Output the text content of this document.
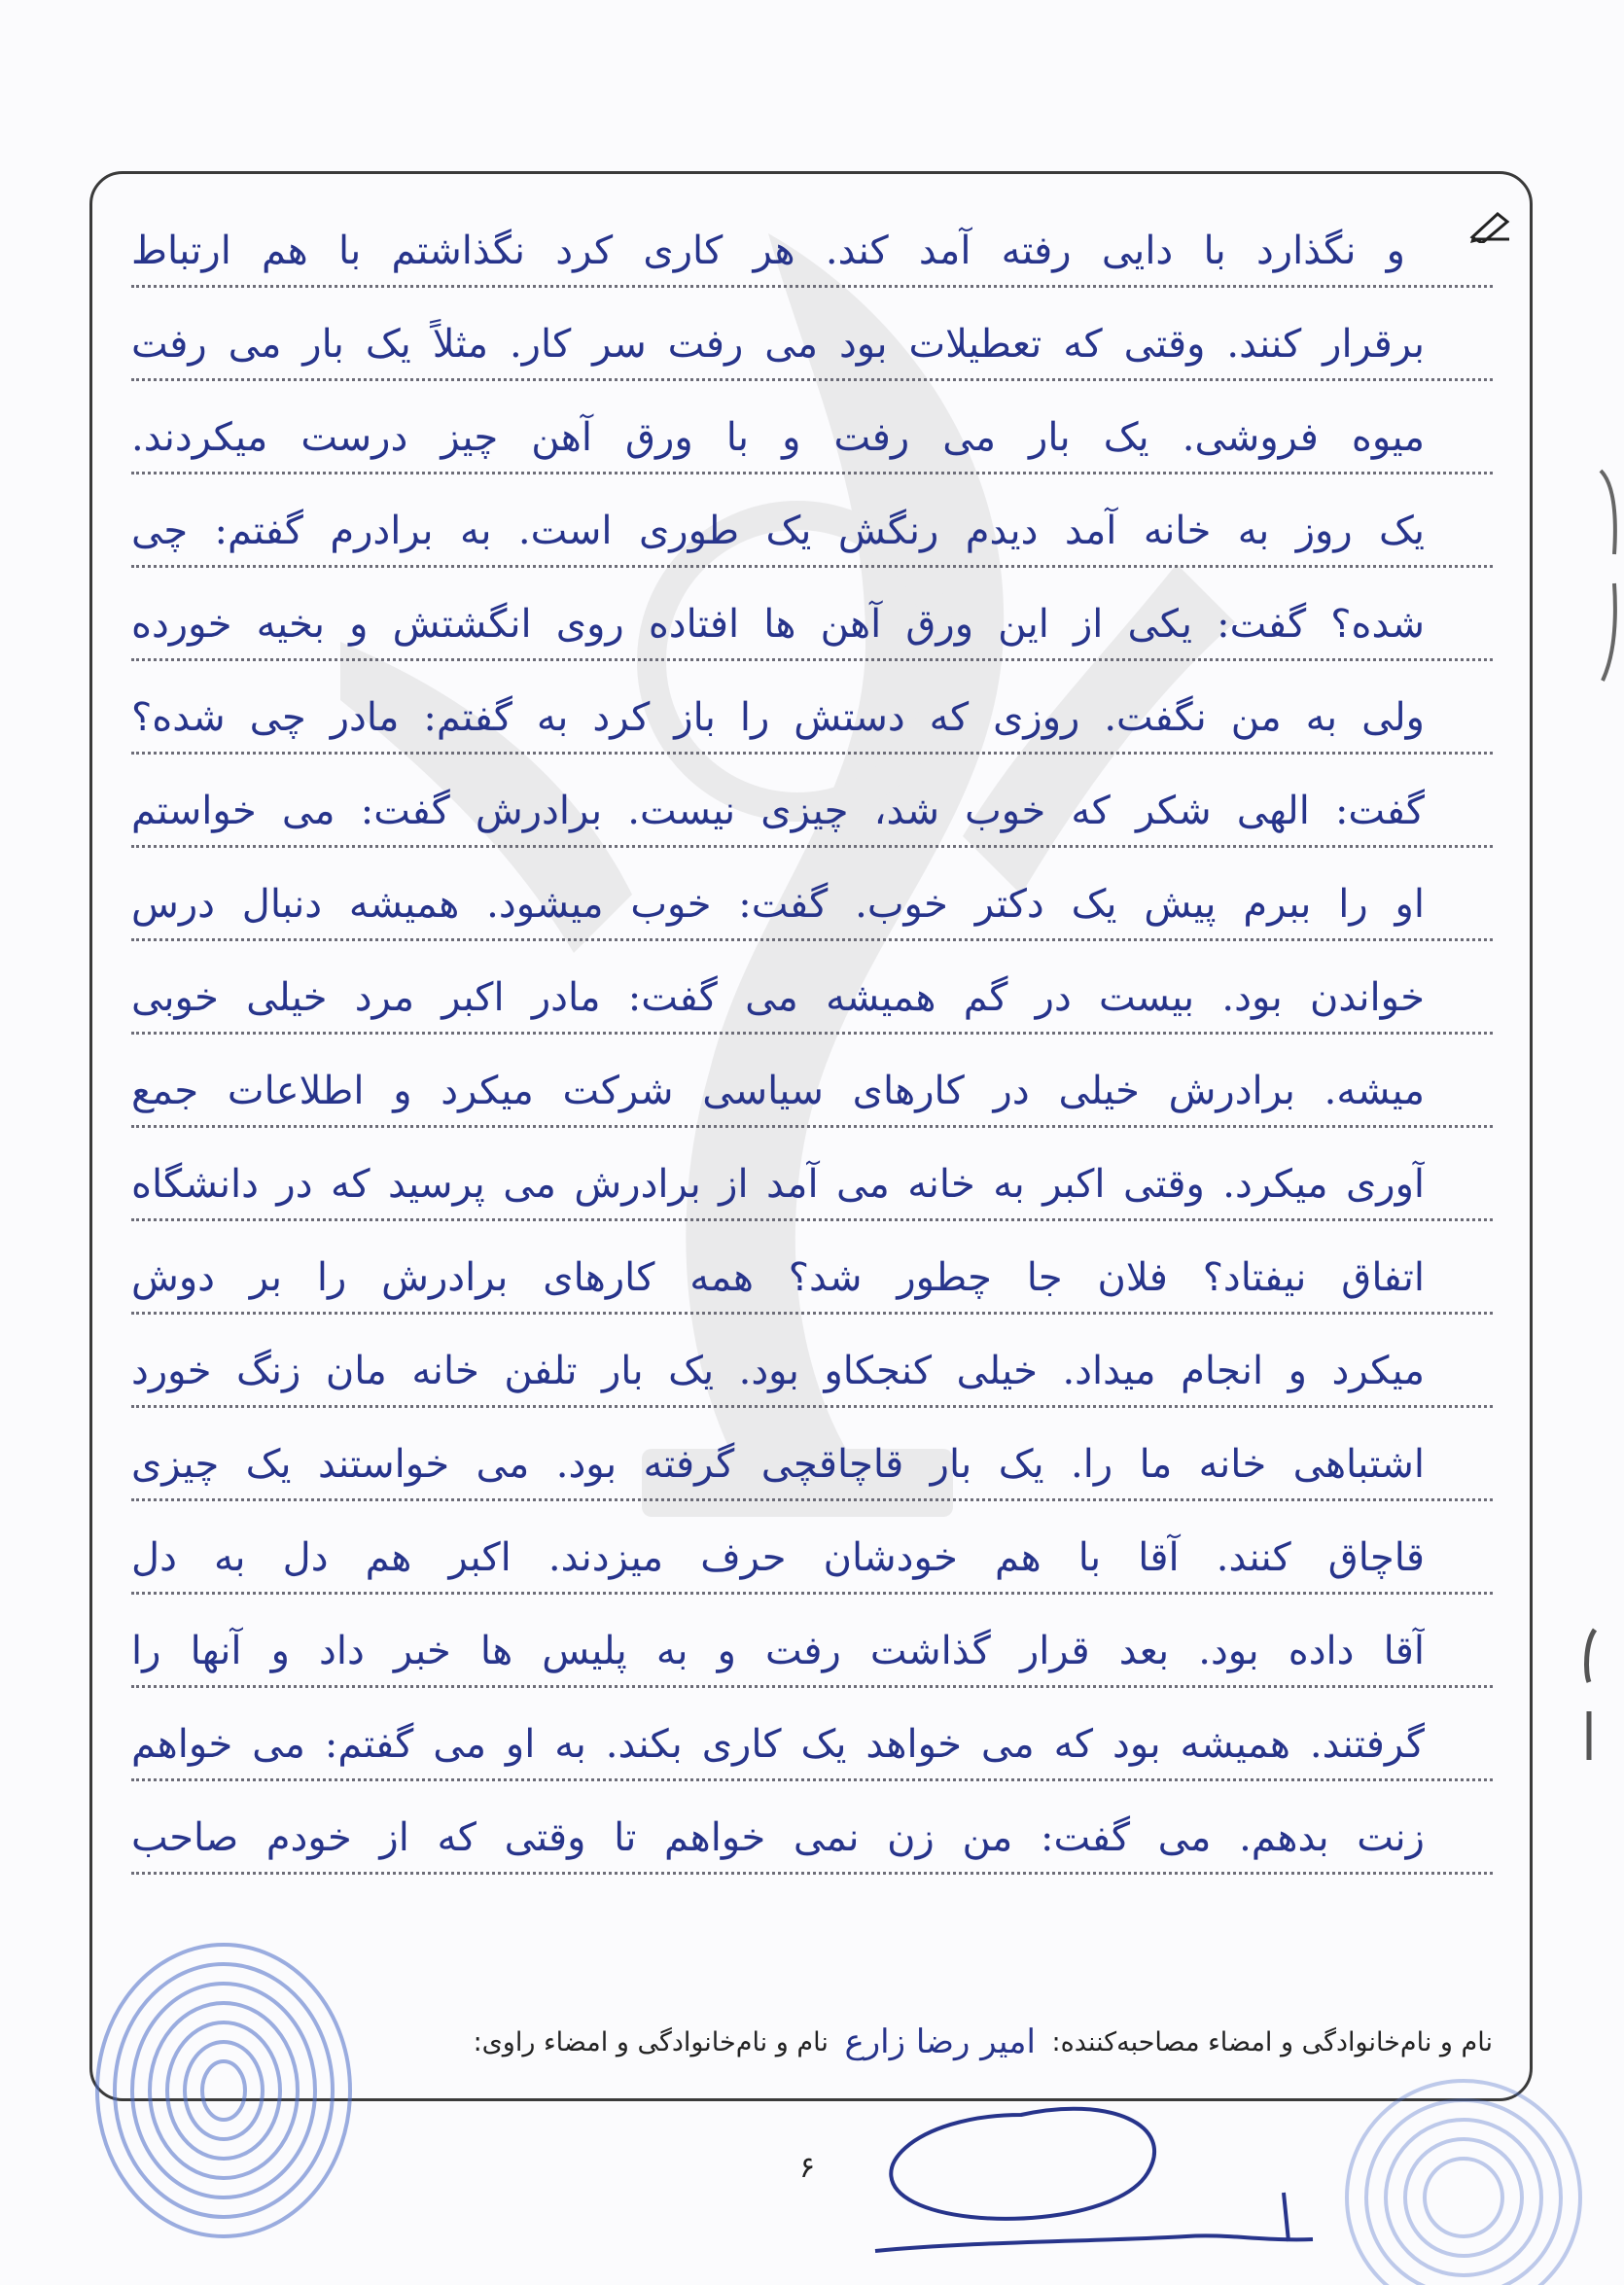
و نگذارد با دایی رفته آمد کند. هر کاری کرد نگذاشتم با هم ارتباط
برقرار کنند. وقتی که تعطیلات بود می رفت سر کار. مثلاً یک بار می رفت
میوه فروشی. یک بار می رفت و با ورق آهن چیز درست میکردند.
یک روز به خانه آمد دیدم رنگش یک طوری است. به برادرم گفتم: چی
شده؟ گفت: یکی از این ورق آهن ها افتاده روی انگشتش و بخیه خورده
ولی به من نگفت. روزی که دستش را باز کرد به گفتم: مادر چی شده؟
گفت: الهی شکر که خوب شد، چیزی نیست. برادرش گفت: می خواستم
او را ببرم پیش یک دکتر خوب. گفت: خوب میشود. همیشه دنبال درس
خواندن بود. بیست در گم همیشه می گفت: مادر اکبر مرد خیلی خوبی
میشه. برادرش خیلی در کارهای سیاسی شرکت میکرد و اطلاعات جمع
آوری میکرد. وقتی اکبر به خانه می آمد از برادرش می پرسید که در دانشگاه
اتفاق نیفتاد؟ فلان جا چطور شد؟ همه کارهای برادرش را بر دوش
میکرد و انجام میداد. خیلی کنجکاو بود. یک بار تلفن خانه مان زنگ خورد
اشتباهی خانه ما را. یک بار قاچاقچی گرفته بود. می خواستند یک چیزی
قاچاق کنند. آقا با هم خودشان حرف میزدند. اکبر هم دل به دل
آقا داده بود. بعد قرار گذاشت رفت و به پلیس ها خبر داد و آنها را
گرفتند. همیشه بود که می خواهد یک کاری بکند. به او می گفتم: می خواهم
زنت بدهم. می گفت: من زن نمی خواهم تا وقتی که از خودم صاحب
نام و نام‌خانوادگی و امضاء مصاحبه‌کننده: امیر رضا زارع نام و نام‌خانوادگی و امضاء راوی:
۶
